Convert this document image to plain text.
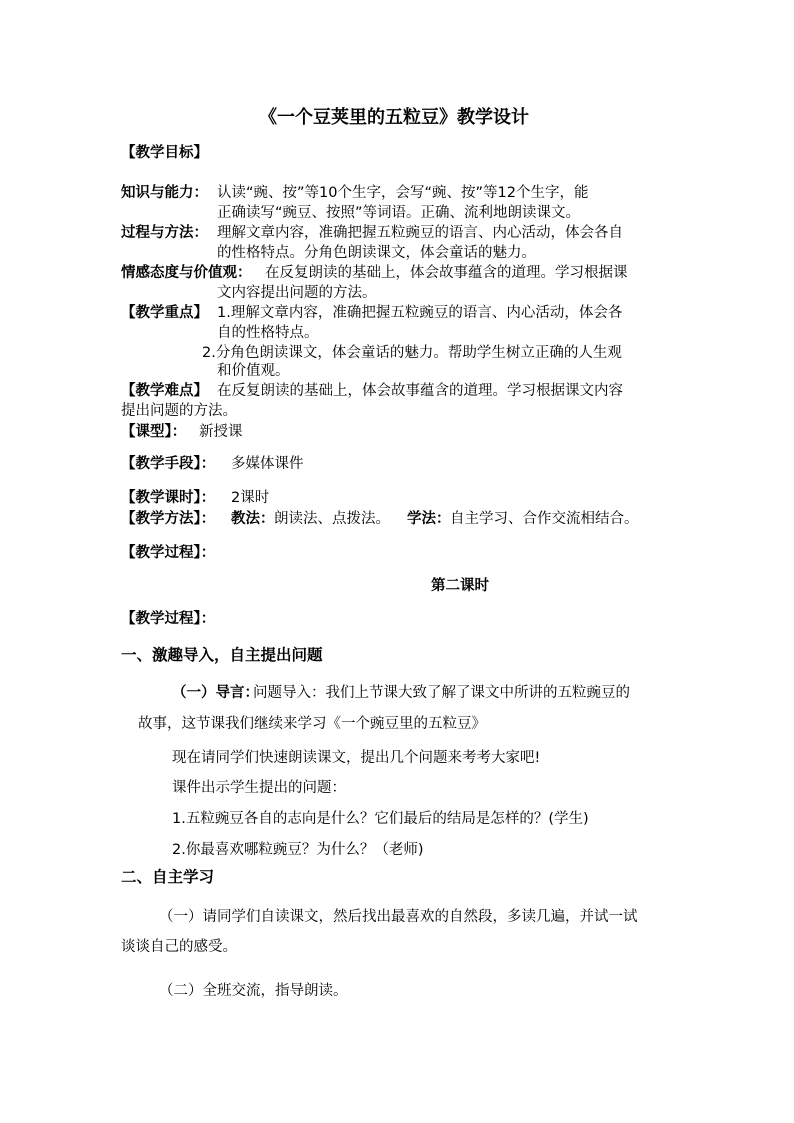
《一个豆荚里的五粒豆》教学设计
【教学目标】
知识与能力： 认读“豌、按”等10个生字，会写“豌、按”等12个生字，能
正确读写“豌豆、按照”等词语。正确、流利地朗读课文。
过程与方法： 理解文章内容，准确把握五粒豌豆的语言、内心活动，体会各自
的性格特点。分角色朗读课文，体会童话的魅力。
情感态度与价值观： 在反复朗读的基础上，体会故事蕴含的道理。学习根据课
文内容提出问题的方法。
【教学重点】 1.理解文章内容，准确把握五粒豌豆的语言、内心活动，体会各
自的性格特点。
2.分角色朗读课文，体会童话的魅力。帮助学生树立正确的人生观
和价值观。
【教学难点】 在反复朗读的基础上，体会故事蕴含的道理。学习根据课文内容
提出问题的方法。
【课型】： 新授课
【教学手段】： 多媒体课件
【教学课时】： 2课时
【教学方法】： 教法： 朗读法、点拨法。 学法： 自主学习、合作交流相结合。
【教学过程】：
第二课时
【教学过程】：
一、激趣导入，自主提出问题
（一）导言：
问题导入：我们上节课大致了解了课文中所讲的五粒豌豆的
故事，这节课我们继续来学习《一个豌豆里的五粒豆》
现在请同学们快速朗读课文，提出几个问题来考考大家吧!
课件出示学生提出的问题：
1.五粒豌豆各自的志向是什么？它们最后的结局是怎样的？(学生)
2.你最喜欢哪粒豌豆？为什么？（老师)
二、自主学习
（一）请同学们自读课文，然后找出最喜欢的自然段，多读几遍，并试一试
谈谈自己的感受。
（二）全班交流，指导朗读。
